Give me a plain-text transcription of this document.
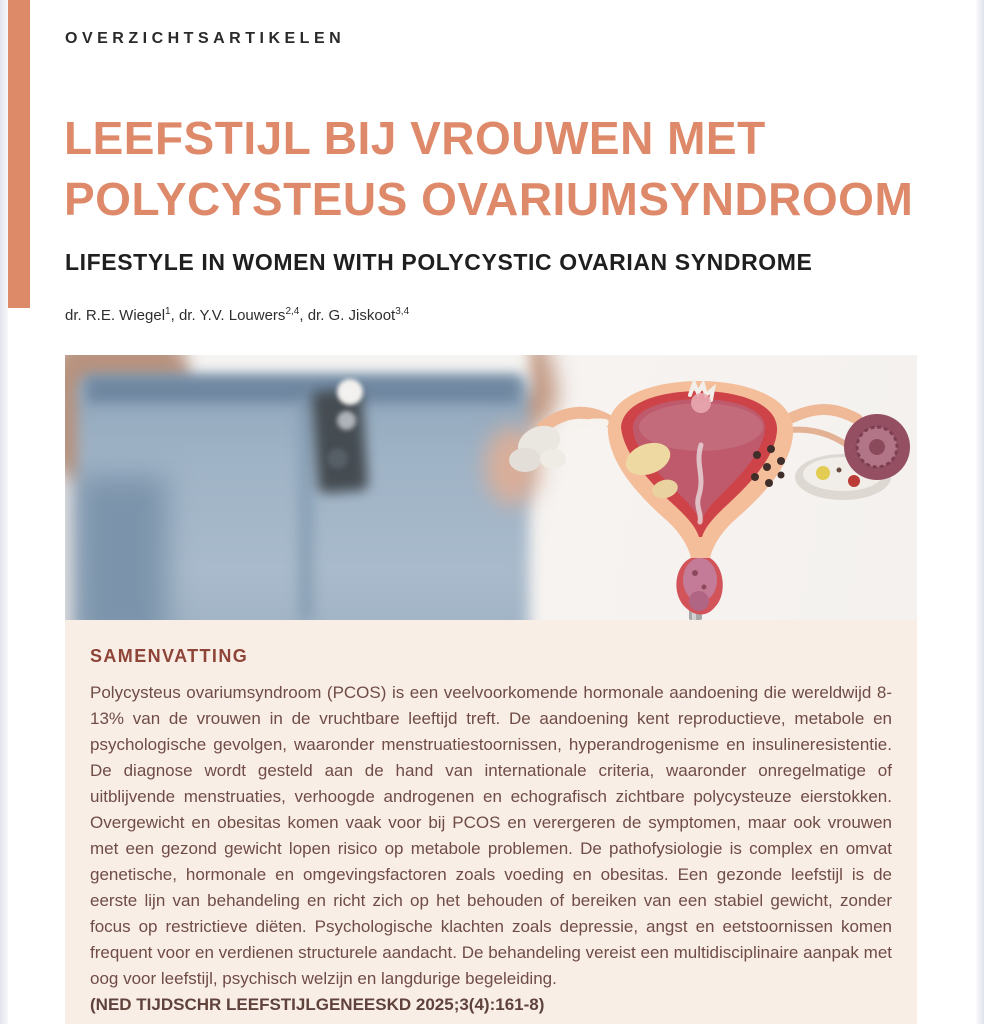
OVERZICHTSARTIKELEN
LEEFSTIJL BIJ VROUWEN MET
POLYCYSTEUS OVARIUMSYNDROOM
LIFESTYLE IN WOMEN WITH POLYCYSTIC OVARIAN SYNDROME

dr. R.E. Wiegel$^1$, dr. Y.V. Louwers$^{2,4}$, dr. G. Jiskoot$^{3,4}$

SAMENVATTING

Polycysteus ovariumsyndroom (PCOS) is een veelvoorkomende hormonale aandoening die wereldwijd 8-13% van de vrouwen in de vruchtbare leeftijd treft. De aandoening kent reproductieve, metabole en psychologische gevolgen, waaronder menstruatiestoornissen, hyperandrogenisme en insulineresistentie. De diagnose wordt gesteld aan de hand van internationale criteria, waaronder onregelmatige of uitblijvende menstruaties, verhoogde androgenen en echografisch zichtbare polycysteuze eierstokken. Overgewicht en obesitas komen vaak voor bij PCOS en verergeren de symptomen, maar ook vrouwen met een gezond gewicht lopen risico op metabole problemen. De pathofysiologie is complex en omvat genetische, hormonale en omgevingsfactoren zoals voeding en obesitas. Een gezonde leefstijl is de eerste lijn van behandeling en richt zich op het behouden of bereiken van een stabiel gewicht, zonder focus op restrictieve diëten. Psychologische klachten zoals depressie, angst en eetstoornissen komen frequent voor en verdienen structurele aandacht. De behandeling vereist een multidisciplinaire aanpak met oog voor leefstijl, psychisch welzijn en langdurige begeleiding.

(NED TIJDSCHR LEEFSTIJLGENEESKD 2025;3(4):161-8)
